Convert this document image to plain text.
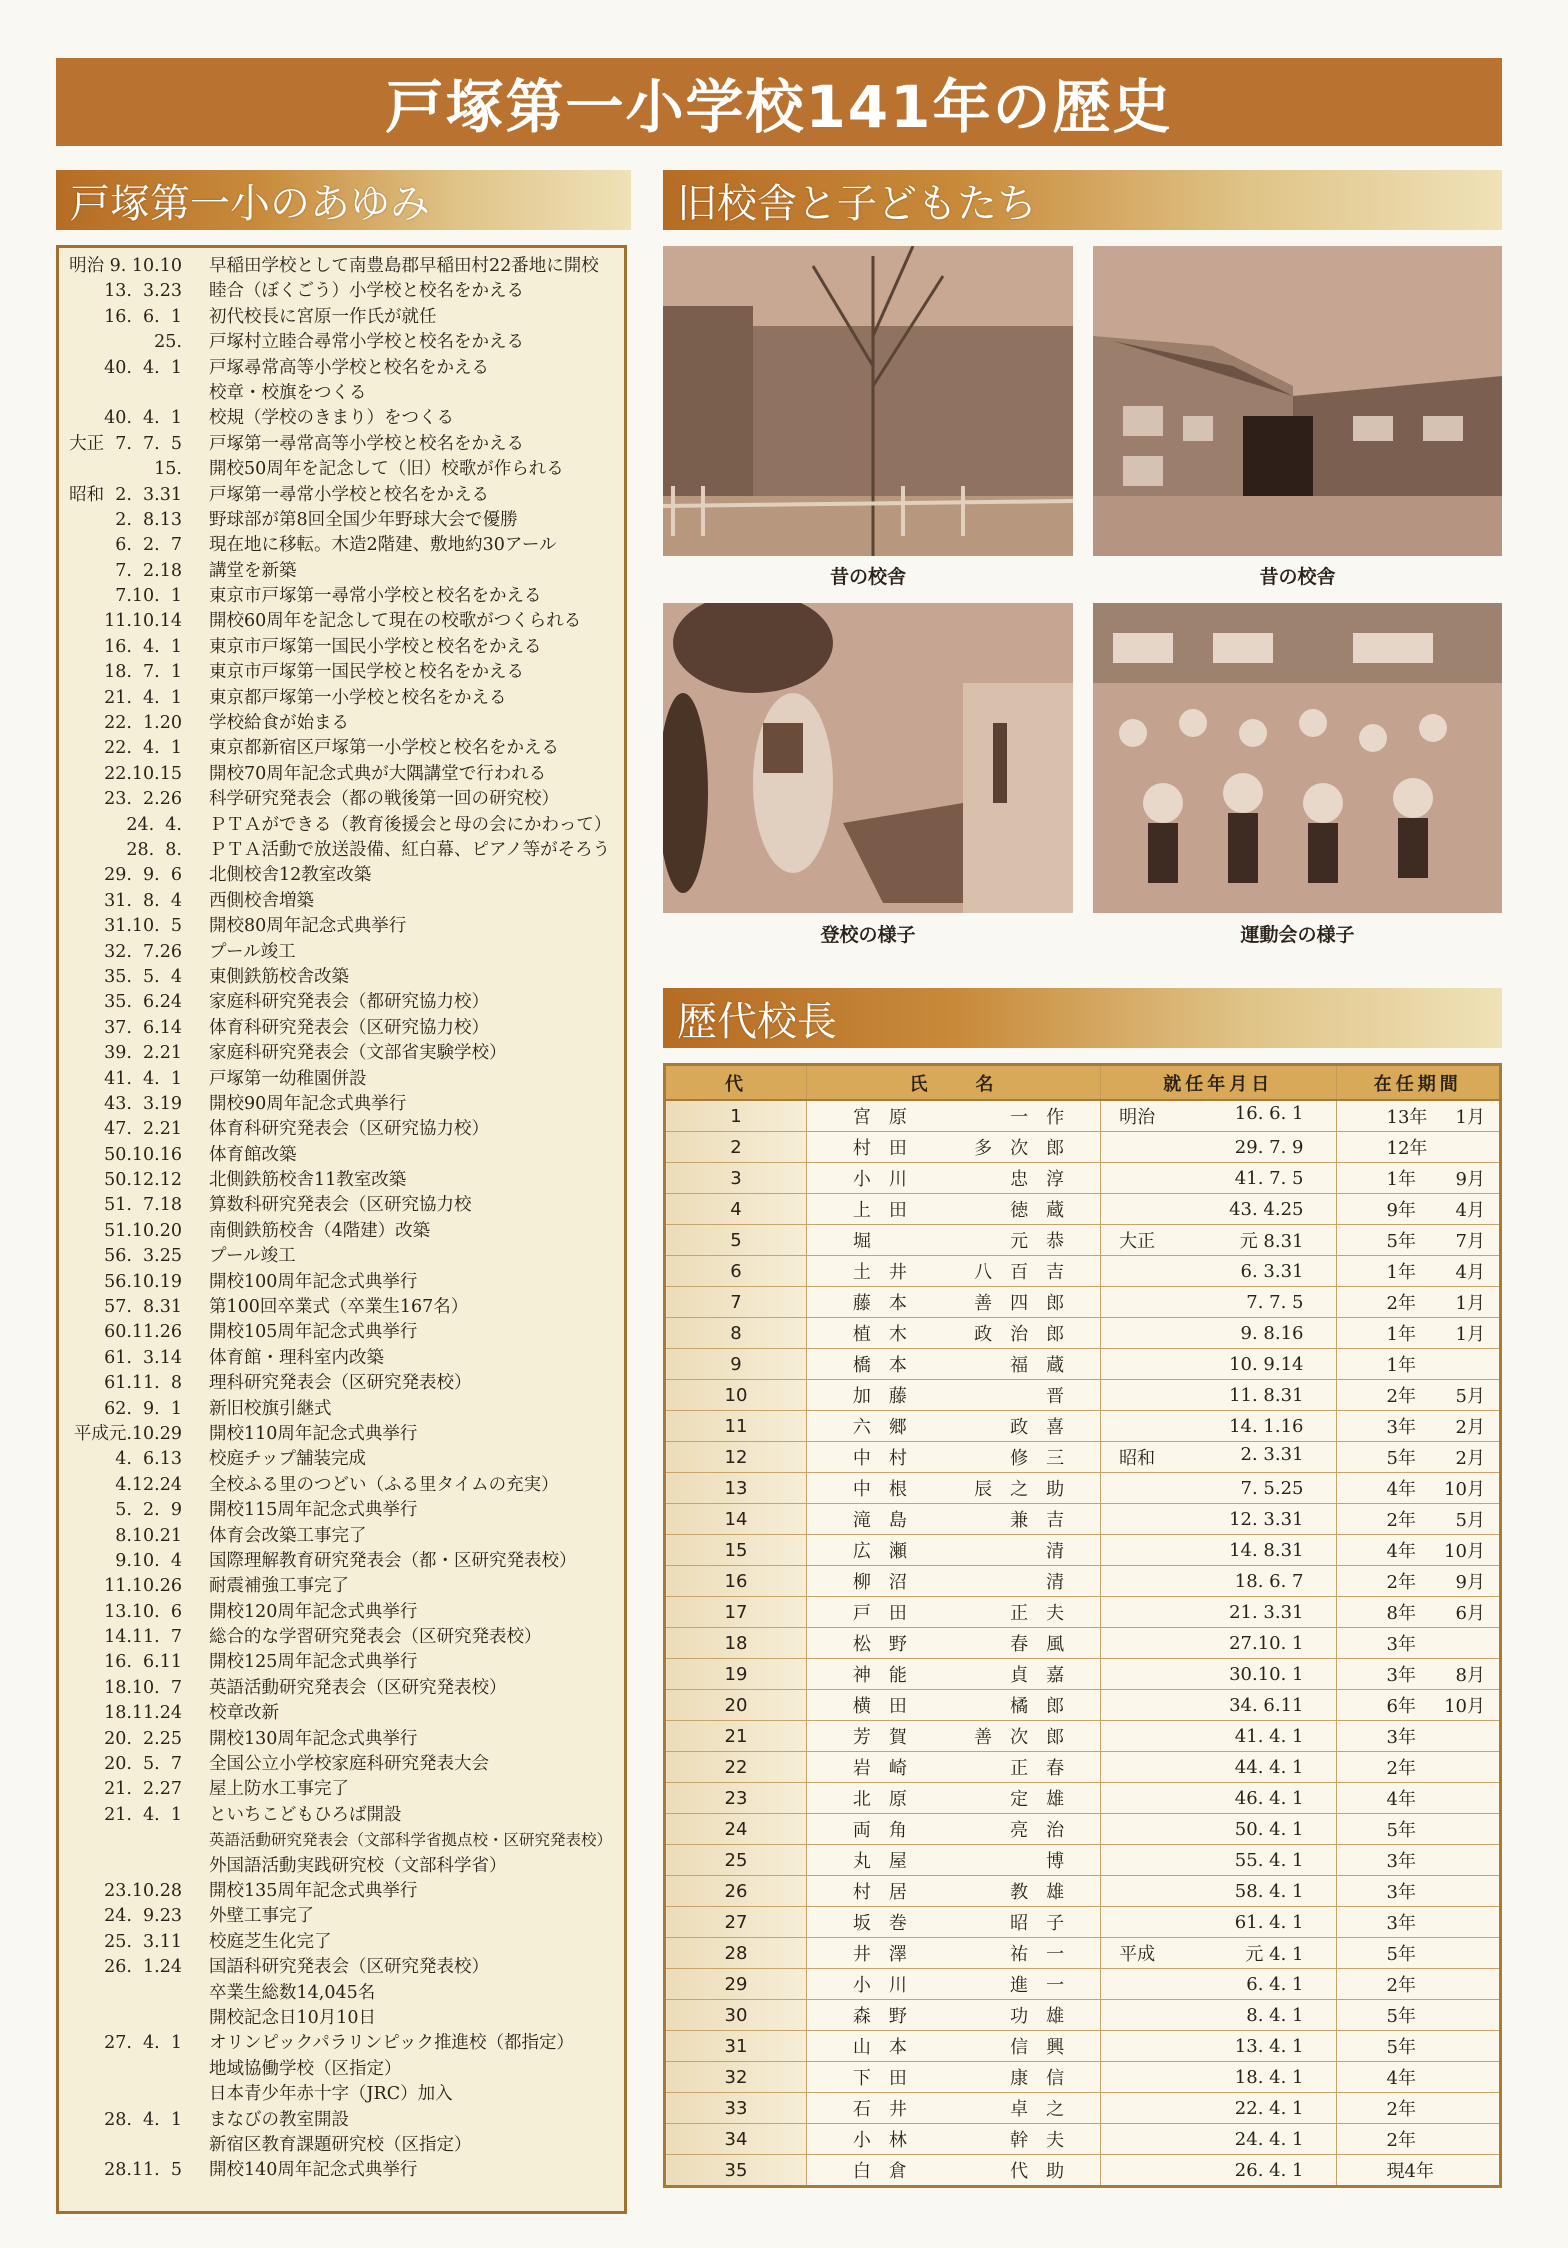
戸塚第一小学校141年の歴史
戸塚第一小のあゆみ
明治 9. 10.10	早稲田学校として南豊島郡早稲田村22番地に開校
13.  3.23	睦合（ぼくごう）小学校と校名をかえる
16.  6.  1	初代校長に宮原一作氏が就任
25.	戸塚村立睦合尋常小学校と校名をかえる
40.  4.  1	戸塚尋常高等小学校と校名をかえる
校章・校旗をつくる
40.  4.  1	校規（学校のきまり）をつくる
大正  7.  7.  5	戸塚第一尋常高等小学校と校名をかえる
15.	開校50周年を記念して（旧）校歌が作られる
昭和  2.  3.31	戸塚第一尋常小学校と校名をかえる
2.  8.13	野球部が第8回全国少年野球大会で優勝
6.  2.  7	現在地に移転。木造2階建、敷地約30アール
7.  2.18	講堂を新築
7.10.  1	東京市戸塚第一尋常小学校と校名をかえる
11.10.14	開校60周年を記念して現在の校歌がつくられる
16.  4.  1	東京市戸塚第一国民小学校と校名をかえる
18.  7.  1	東京市戸塚第一国民学校と校名をかえる
21.  4.  1	東京都戸塚第一小学校と校名をかえる
22.  1.20	学校給食が始まる
22.  4.  1	東京都新宿区戸塚第一小学校と校名をかえる
22.10.15	開校70周年記念式典が大隅講堂で行われる
23.  2.26	科学研究発表会（都の戦後第一回の研究校）
24.  4.	ＰＴＡができる（教育後援会と母の会にかわって）
28.  8.	ＰＴＡ活動で放送設備、紅白幕、ピアノ等がそろう
29.  9.  6	北側校舎12教室改築
31.  8.  4	西側校舎増築
31.10.  5	開校80周年記念式典挙行
32.  7.26	プール竣工
35.  5.  4	東側鉄筋校舎改築
35.  6.24	家庭科研究発表会（都研究協力校）
37.  6.14	体育科研究発表会（区研究協力校）
39.  2.21	家庭科研究発表会（文部省実験学校）
41.  4.  1	戸塚第一幼稚園併設
43.  3.19	開校90周年記念式典挙行
47.  2.21	体育科研究発表会（区研究協力校）
50.10.16	体育館改築
50.12.12	北側鉄筋校舎11教室改築
51.  7.18	算数科研究発表会（区研究協力校
51.10.20	南側鉄筋校舎（4階建）改築
56.  3.25	プール竣工
56.10.19	開校100周年記念式典挙行
57.  8.31	第100回卒業式（卒業生167名）
60.11.26	開校105周年記念式典挙行
61.  3.14	体育館・理科室内改築
61.11.  8	理科研究発表会（区研究発表校）
62.  9.  1	新旧校旗引継式
平成元.10.29	開校110周年記念式典挙行
4.  6.13	校庭チップ舗装完成
4.12.24	全校ふる里のつどい（ふる里タイムの充実）
5.  2.  9	開校115周年記念式典挙行
8.10.21	体育会改築工事完了
9.10.  4	国際理解教育研究発表会（都・区研究発表校）
11.10.26	耐震補強工事完了
13.10.  6	開校120周年記念式典挙行
14.11.  7	総合的な学習研究発表会（区研究発表校）
16.  6.11	開校125周年記念式典挙行
18.10.  7	英語活動研究発表会（区研究発表校）
18.11.24	校章改新
20.  2.25	開校130周年記念式典挙行
20.  5.  7	全国公立小学校家庭科研究発表大会
21.  2.27	屋上防水工事完了
21.  4.  1	といちこどもひろば開設
英語活動研究発表会（文部科学省拠点校・区研究発表校）
外国語活動実践研究校（文部科学省）
23.10.28	開校135周年記念式典挙行
24.  9.23	外壁工事完了
25.  3.11	校庭芝生化完了
26.  1.24	国語科研究発表会（区研究発表校）
卒業生総数14,045名
開校記念日10月10日
27.  4.  1	オリンピックパラリンピック推進校（都指定）
地域協働学校（区指定）
日本青少年赤十字（JRC）加入
28.  4.  1	まなびの教室開設
新宿区教育課題研究校（区指定）
28.11.  5	開校140周年記念式典挙行
旧校舎と子どもたち
昔の校舎	昔の校舎
登校の様子	運動会の様子
歴代校長
代	氏　　名	就任年月日	在任期間
1	宮　原 一　作	明治 16. 6. 1	13年 1月

2	村　田 多　次　郎	29. 7. 9	12年

3	小　川 忠　淳	41. 7. 5	1年 9月

4	上　田 徳　蔵	43. 4.25	9年 4月

5	堀 元　恭	大正 元 8.31	5年 7月

6	土　井 八　百　吉	6. 3.31	1年 4月

7	藤　本 善　四　郎	7. 7. 5	2年 1月

8	植　木 政　治　郎	9. 8.16	1年 1月

9	橋　本 福　蔵	10. 9.14	1年

10	加　藤 晋	11. 8.31	2年 5月

11	六　郷 政　喜	14. 1.16	3年 2月

12	中　村 修　三	昭和 2. 3.31	5年 2月

13	中　根 辰　之　助	7. 5.25	4年 10月

14	滝　島 兼　吉	12. 3.31	2年 5月

15	広　瀬 清	14. 8.31	4年 10月

16	柳　沼 清	18. 6. 7	2年 9月

17	戸　田 正　夫	21. 3.31	8年 6月

18	松　野 春　風	27.10. 1	3年

19	神　能 貞　嘉	30.10. 1	3年 8月

20	横　田 橘　郎	34. 6.11	6年 10月

21	芳　賀 善　次　郎	41. 4. 1	3年

22	岩　崎 正　春	44. 4. 1	2年

23	北　原 定　雄	46. 4. 1	4年

24	両　角 亮　治	50. 4. 1	5年

25	丸　屋 博	55. 4. 1	3年

26	村　居 教　雄	58. 4. 1	3年

27	坂　巻 昭　子	61. 4. 1	3年

28	井　澤 祐　一	平成 元 4. 1	5年

29	小　川 進　一	6. 4. 1	2年

30	森　野 功　雄	8. 4. 1	5年

31	山　本 信　興	13. 4. 1	5年

32	下　田 康　信	18. 4. 1	4年

33	石　井 卓　之	22. 4. 1	2年

34	小　林 幹　夫	24. 4. 1	2年

35	白　倉 代　助	26. 4. 1	現4年
